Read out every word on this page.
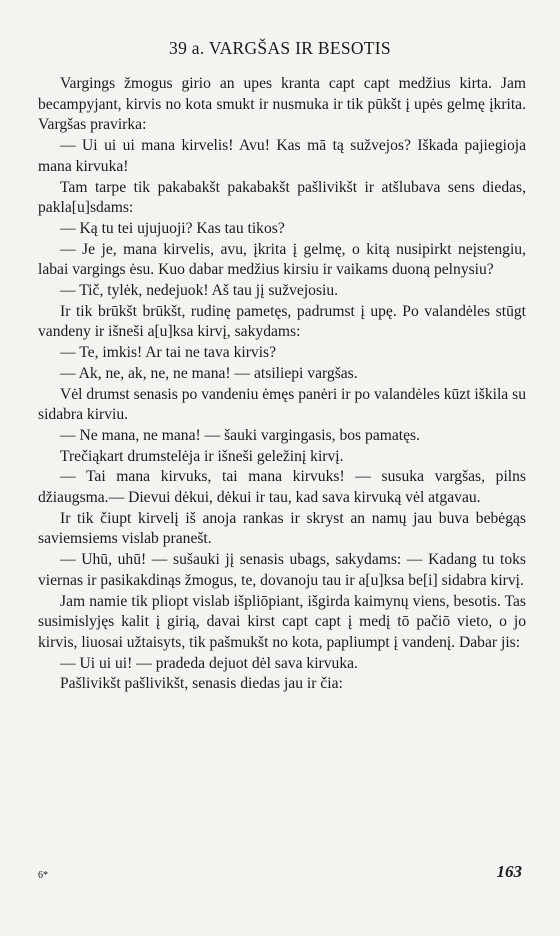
39 a. VARGŠAS IR BESOTIS

Vargings žmogus girio an upes kranta capt capt medžius kirta. Jam becampyjant, kirvis no kota smukt ir nusmuka ir tik pūkšt į upės gelmę įkrita. Vargšas pravirka:

— Ui ui ui mana kirvelis! Avu! Kas mā tą sužvejos? Iškada pajiegioja mana kirvuka!

Tam tarpe tik pakabakšt pakabakšt pašlivikšt ir atšlubava sens diedas, pakla[u]sdams:

— Ką tu tei ujujuoji? Kas tau tikos?

— Je je, mana kirvelis, avu, įkrita į gelmę, o kitą nusipirkt neįstengiu, labai vargings ėsu. Kuo dabar medžius kirsiu ir vaikams duoną pelnysiu?

— Tič, tylėk, nedejuok! Aš tau jį sužvejosiu.

Ir tik brūkšt brūkšt, rudinę pametęs, padrumst į upę. Po valandėles stūgt vandeny ir išneši a[u]ksa kirvį, sakydams:

— Te, imkis! Ar tai ne tava kirvis?

— Ak, ne, ak, ne, ne mana! — atsiliepi vargšas.

Vėl drumst senasis po vandeniu ėmęs panėri ir po valandėles kūzt iškila su sidabra kirviu.

— Ne mana, ne mana! — šauki vargingasis, bos pamatęs.

Trečiąkart drumstelėja ir išneši geležinį kirvį.

— Tai mana kirvuks, tai mana kirvuks! — susuka vargšas, pilns džiaugsma.— Dievui dėkui, dėkui ir tau, kad sava kirvuką vėl atgavau.

Ir tik čiupt kirvelį iš anoja rankas ir skryst an namų jau buva bebėgąs saviemsiems vislab pranešt.

— Uhū, uhū! — sušauki jį senasis ubags, sakydams: — Kadang tu toks viernas ir pasikakdinąs žmogus, te, dovanoju tau ir a[u]ksa be[i] sidabra kirvį.

Jam namie tik pliopt vislab išpliōpiant, išgirda kaimynų viens, besotis. Tas susimislyjęs kalit į girią, davai kirst capt capt į medį tō pačiō vieto, o jo kirvis, liuosai užtaisyts, tik pašmukšt no kota, papliumpt į vandenį. Dabar jis:

— Ui ui ui! — pradeda dejuot dėl sava kirvuka.

Pašlivikšt pašlivikšt, senasis diedas jau ir čia:

6*	163
